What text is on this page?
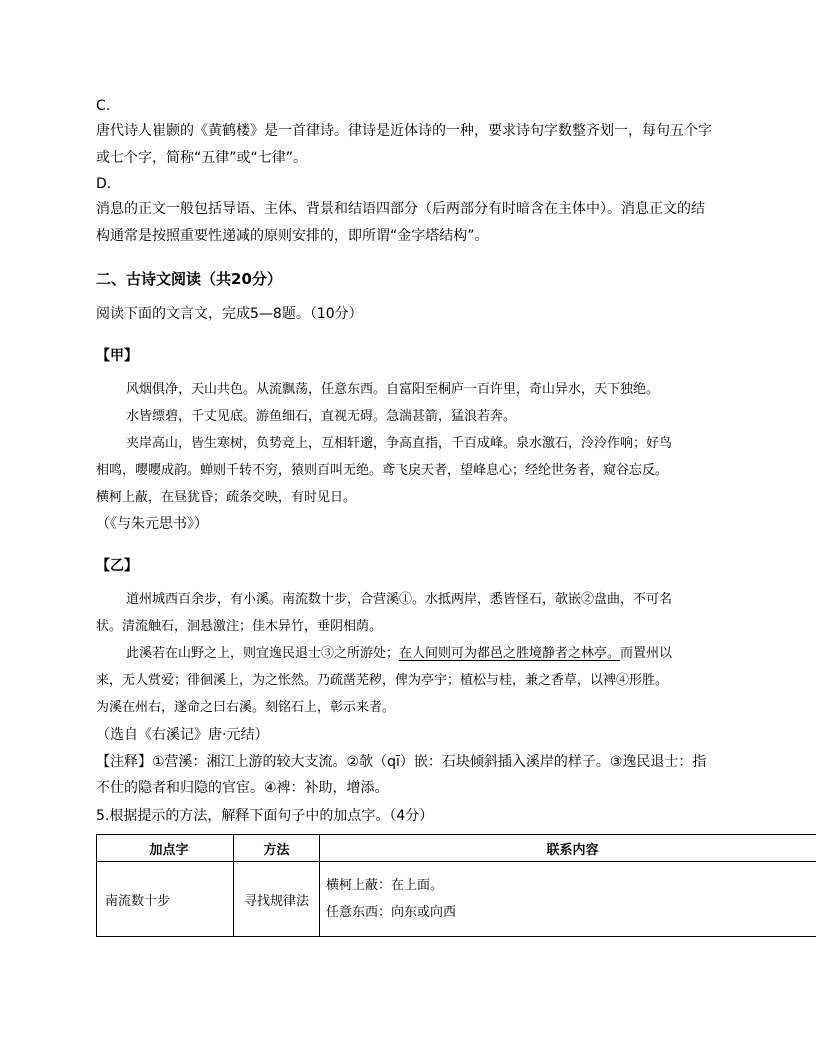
C.

唐代诗人崔颢的《黄鹤楼》是一首律诗。律诗是近体诗的一种，要求诗句字数整齐划一，每句五个字

或七个字，简称“五律”或“七律”。

D.

消息的正文一般包括导语、主体、背景和结语四部分（后两部分有时暗含在主体中）。消息正文的结

构通常是按照重要性递减的原则安排的，即所谓“金字塔结构”。

二、古诗文阅读（共20分）

阅读下面的文言文，完成5—8题。（10分）

【甲】

风烟俱净，天山共色。从流飘荡，任意东西。自富阳至桐庐一百许里，奇山异水，天下独绝。

水皆缥碧，千丈见底。游鱼细石，直视无碍。急湍甚箭，猛浪若奔。

夹岸高山，皆生寒树，负势竞上，互相轩邈，争高直指，千百成峰。泉水激石，泠泠作响；好鸟

相鸣，嘤嘤成韵。蝉则千转不穷，猿则百叫无绝。鸢飞戾天者，望峰息心；经纶世务者，窥谷忘反。

横柯上蔽，在昼犹昏；疏条交映，有时见日。

（《与朱元思书》）

【乙】

道州城西百余步，有小溪。南流数十步，合营溪①。水抵两岸，悉皆怪石，欹嵌②盘曲，不可名

状。清流触石，洄悬激注；佳木异竹，垂阴相荫。

此溪若在山野之上，则宜逸民退士③之所游处；在人间则可为都邑之胜境静者之林亭。而置州以

来，无人赏爱；徘徊溪上，为之怅然。乃疏凿芜秽，俾为亭宇；植松与桂，兼之香草，以裨④形胜。

为溪在州右，遂命之曰右溪。刻铭石上，彰示来者。

（选自《右溪记》唐·元结）

【注释】①营溪：湘江上游的较大支流。②欹（qī）嵌：石块倾斜插入溪岸的样子。③逸民退士：指

不仕的隐者和归隐的官宦。④裨：补助，增添。

5.根据提示的方法，解释下面句子中的加点字。（4分）

加点字	方法	联系内容
南流数十步	寻找规律法	横柯上蔽：在上面。
任意东西：向东或向西
